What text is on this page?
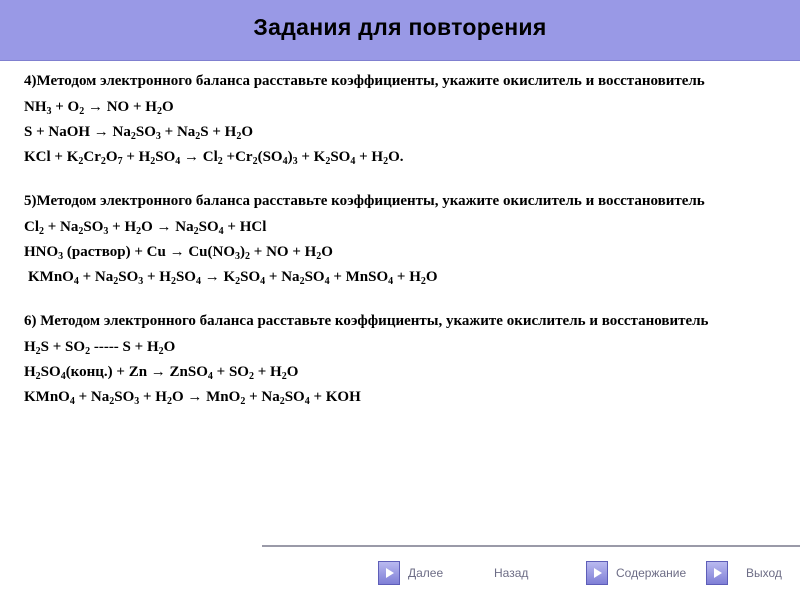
Задания для повторения
4)Методом электронного баланса расставьте коэффициенты, укажите окислитель и восстановитель
$NH_3 + O_2$ → NO + $H_2O$
S + NaOH → $Na_2SO_3 + Na_2S + H_2O$
KCl + $K_2Cr_2O_7 + H_2SO_4 \to Cl_2 +Cr_2(SO_4)_3 + K_2SO_4 + H_2O$.
5)Методом электронного баланса расставьте коэффициенты, укажите окислитель и восстановитель
$Cl_2 + Na_2SO_3 + H_2O \to Na_2SO_4$ + HCl
$HNO_3$ (раствор) + $Cu \to Cu(NO_3)_2$ + NO + $H_2O$
KMnO$_4$ + $Na_2SO_3 + H_2SO_4 \to K_2SO_4 + Na_2SO_4$ + MnSO$_4$ + $H_2O$
6) Методом электронного баланса расставьте коэффициенты, укажите окислитель и восстановитель
$H_2S + SO_2$ ----- $S + H_2O$
$H_2SO_4(конц.) + Zn$ → ZnSO$_4$ + $SO_2 + H_2O$
KMnO$_4$ + $Na_2SO_3 + H_2O \to MnO_2 + Na_2SO_4$ + KOH
Далее	Назад	Содержание	Выход
